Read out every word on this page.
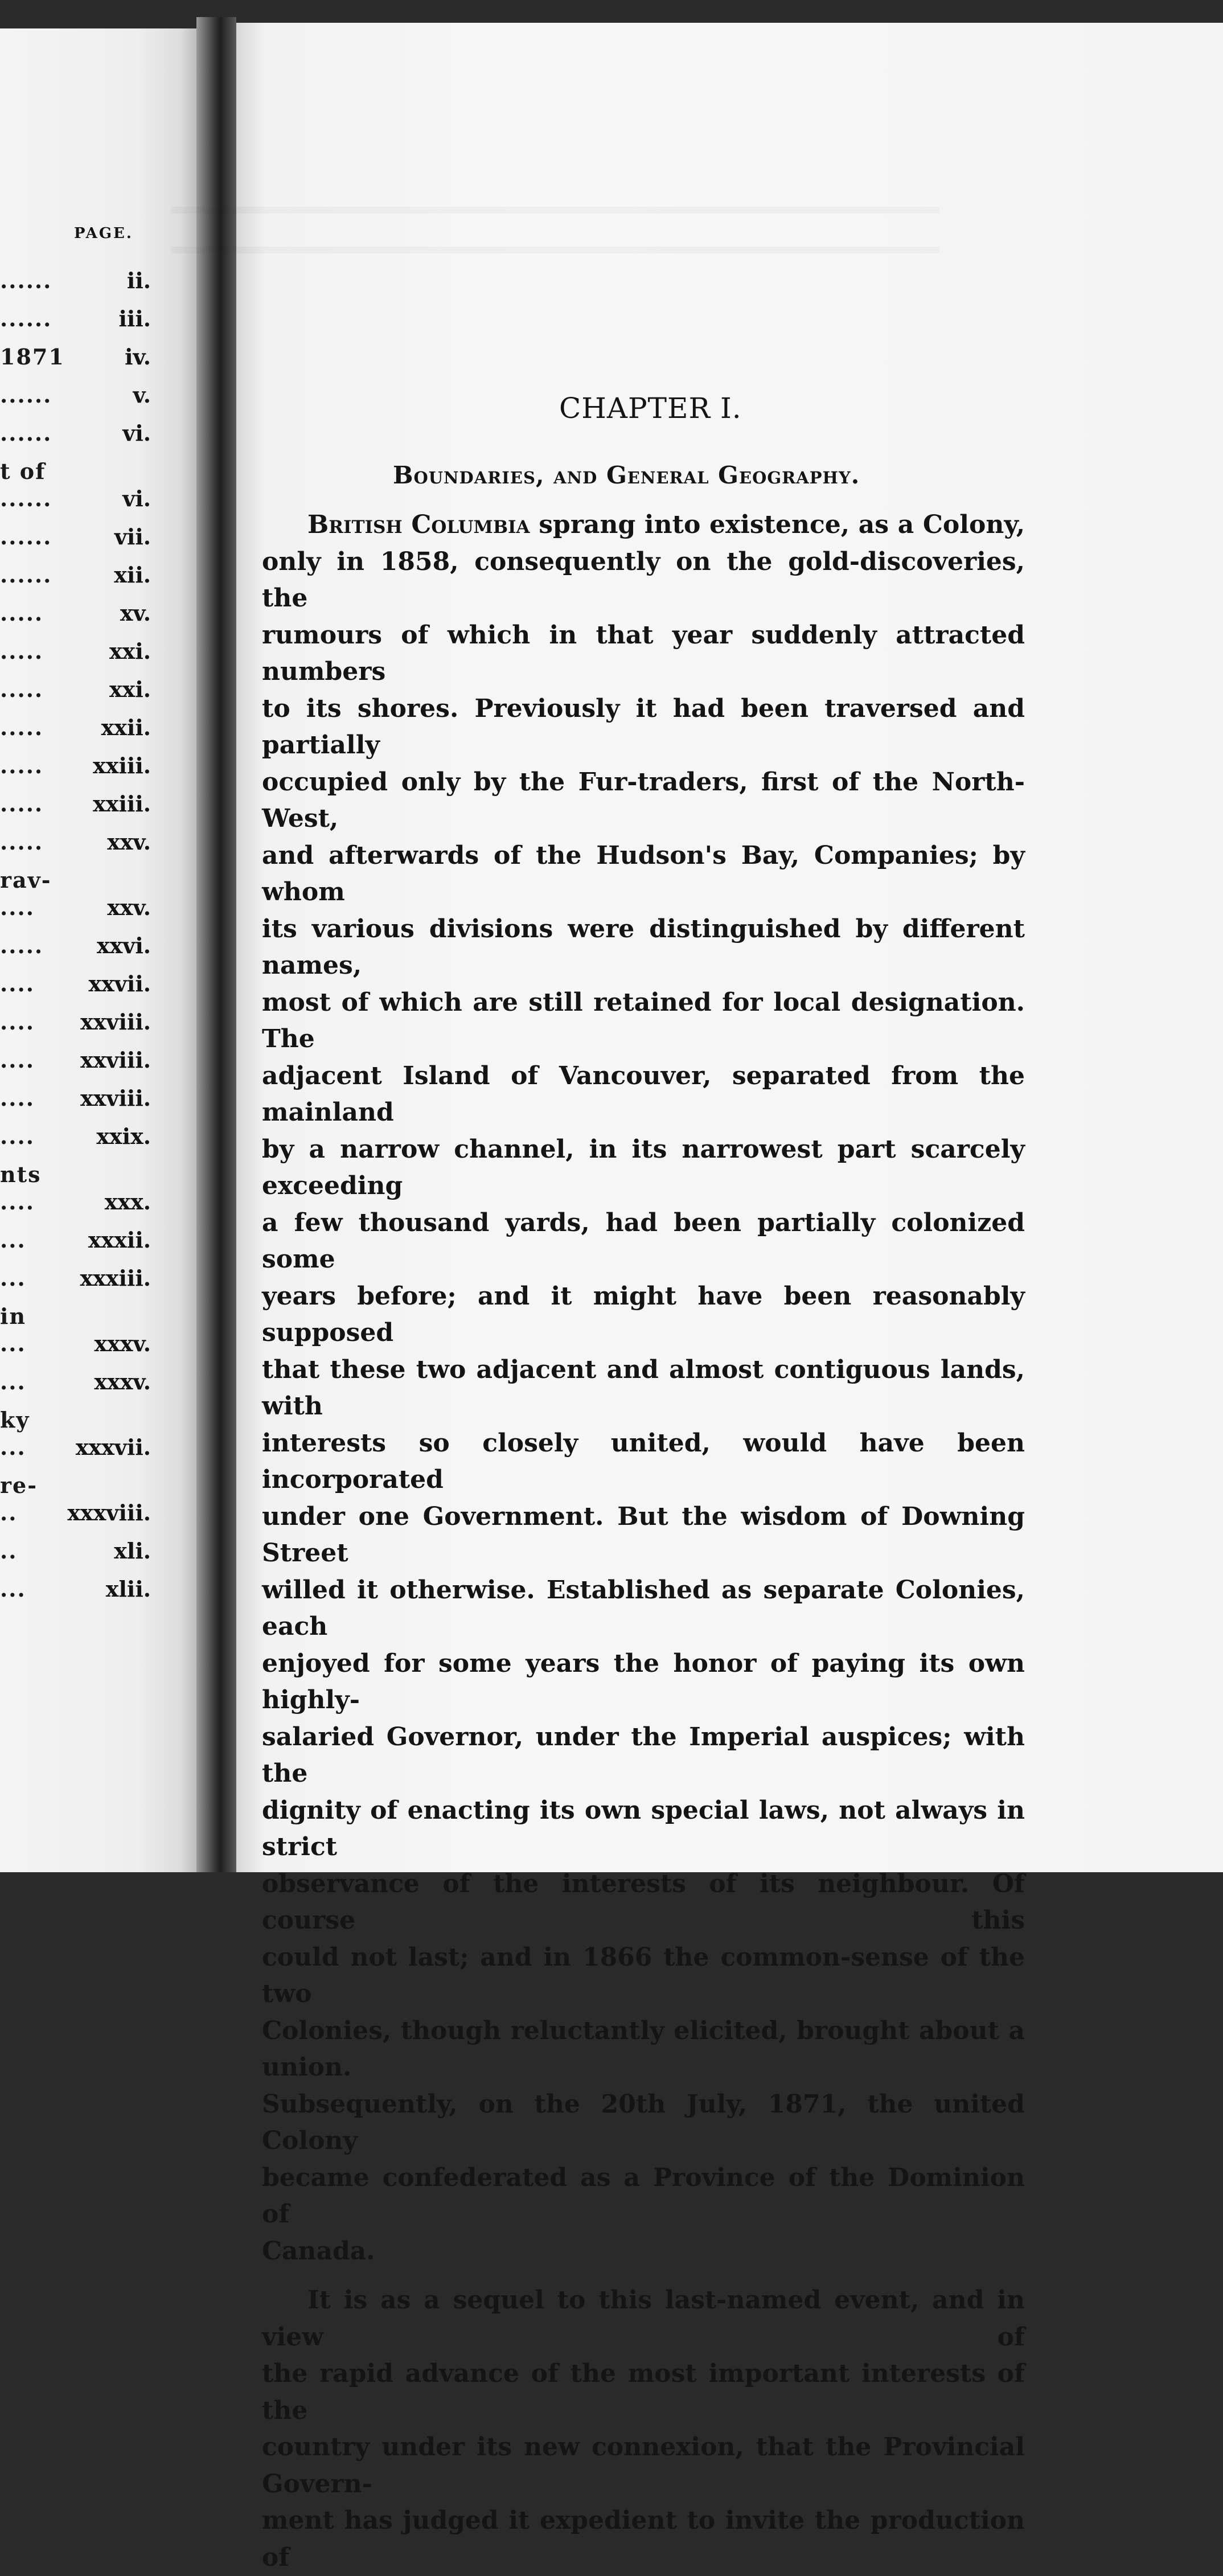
PAGE.
......	ii.
......	iii.
1871	iv.
......	v.
......	vi.
t of
......	vi.
......	vii.
......	xii.
.....	xv.
.....	xxi.
.....	xxi.
.....	xxii.
..... xxiii.
..... xxiii.
.....	xxv.
rav-
....	xxv.
..... xxvi.
.... xxvii.
.... xxviii.
.... xxviii.
.... xxviii.
....	xxix.
nts
....	xxx.
...	xxxii.
... xxxiii.
in
...	xxxv.
...	xxxv.
ky
... xxxvii.
re-
.. xxxviii.
..	xli.
...	xlii.
CHAPTER I.
Boundaries, and General Geography.

British Columbia sprang into existence, as a Colony,
only in 1858, consequently on the gold-discoveries, the
rumours of which in that year suddenly attracted numbers
to its shores. Previously it had been traversed and partially
occupied only by the Fur-traders, first of the North-West,
and afterwards of the Hudson's Bay, Companies; by whom
its various divisions were distinguished by different names,
most of which are still retained for local designation. The
adjacent Island of Vancouver, separated from the mainland
by a narrow channel, in its narrowest part scarcely exceeding
a few thousand yards, had been partially colonized some
years before; and it might have been reasonably supposed
that these two adjacent and almost contiguous lands, with
interests so closely united, would have been incorporated
under one Government. But the wisdom of Downing Street
willed it otherwise. Established as separate Colonies, each
enjoyed for some years the honor of paying its own highly-
salaried Governor, under the Imperial auspices; with the
dignity of enacting its own special laws, not always in strict
observance of the interests of its neighbour. Of course this
could not last; and in 1866 the common-sense of the two
Colonies, though reluctantly elicited, brought about a union.
Subsequently, on the 20th July, 1871, the united Colony
became confederated as a Province of the Dominion of
Canada.

It is as a sequel to this last-named event, and in view of
the rapid advance of the most important interests of the
country under its new connexion, that the Provincial Govern-
ment has judged it expedient to invite the production of
